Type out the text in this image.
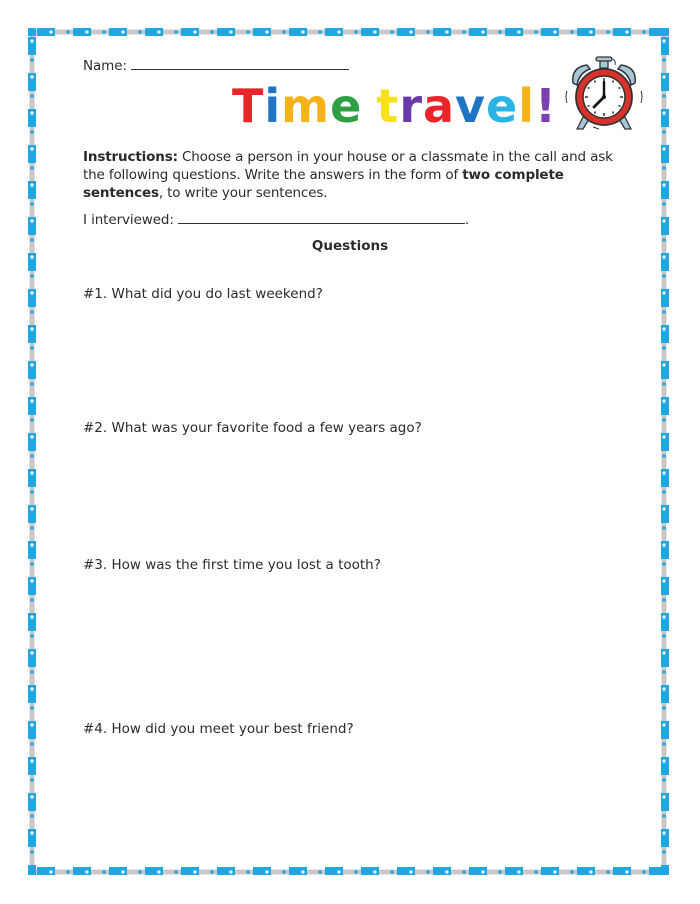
Name:
Time travel!
Instructions: Choose a person in your house or a classmate in the call and ask the following questions. Write the answers in the form of two complete sentences, to write your sentences.
I interviewed:	.
Questions
#1. What did you do last weekend?
#2. What was your favorite food a few years ago?
#3. How was the first time you lost a tooth?
#4. How did you meet your best friend?
